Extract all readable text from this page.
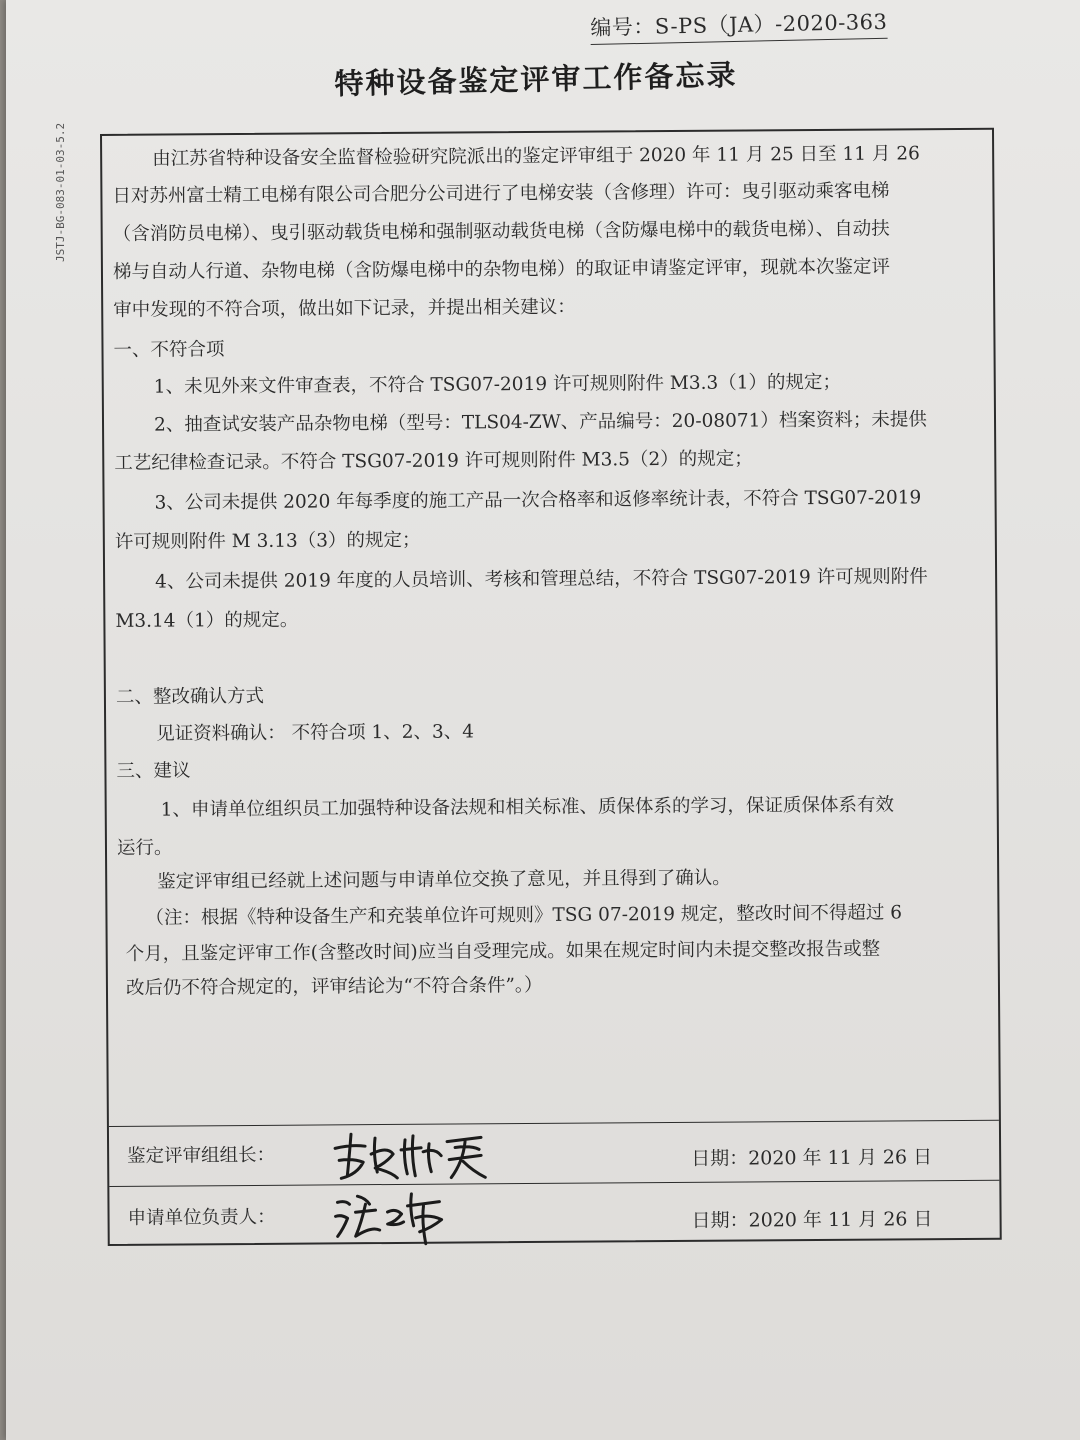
编号：S-PS（JA）-2020-363
JSTJ-BG-083-01-03-5.2
特种设备鉴定评审工作备忘录
由江苏省特种设备安全监督检验研究院派出的鉴定评审组于 2020 年 11 月 25 日至 11 月 26
日对苏州富士精工电梯有限公司合肥分公司进行了电梯安装（含修理）许可：曳引驱动乘客电梯
（含消防员电梯）、曳引驱动载货电梯和强制驱动载货电梯（含防爆电梯中的载货电梯）、自动扶
梯与自动人行道、杂物电梯（含防爆电梯中的杂物电梯）的取证申请鉴定评审，现就本次鉴定评
审中发现的不符合项，做出如下记录，并提出相关建议：
一、不符合项
1、未见外来文件审查表，不符合 TSG07-2019 许可规则附件 M3.3（1）的规定；
2、抽查试安装产品杂物电梯（型号：TLS04-ZW、产品编号：20-08071）档案资料；未提供
工艺纪律检查记录。不符合 TSG07-2019 许可规则附件 M3.5（2）的规定；
3、公司未提供 2020 年每季度的施工产品一次合格率和返修率统计表，不符合 TSG07-2019
许可规则附件 M 3.13（3）的规定；
4、公司未提供 2019 年度的人员培训、考核和管理总结，不符合 TSG07-2019 许可规则附件
M3.14（1）的规定。
二、整改确认方式
见证资料确认： 不符合项 1、2、3、4
三、建议
1、申请单位组织员工加强特种设备法规和相关标准、质保体系的学习，保证质保体系有效
运行。
鉴定评审组已经就上述问题与申请单位交换了意见，并且得到了确认。
（注：根据《特种设备生产和充装单位许可规则》TSG 07-2019 规定，整改时间不得超过 6
个月，且鉴定评审工作(含整改时间)应当自受理完成。如果在规定时间内未提交整改报告或整
改后仍不符合规定的，评审结论为“不符合条件”。）
鉴定评审组组长：	日期：2020 年 11 月 26 日
申请单位负责人：	日期：2020 年 11 月 26 日
